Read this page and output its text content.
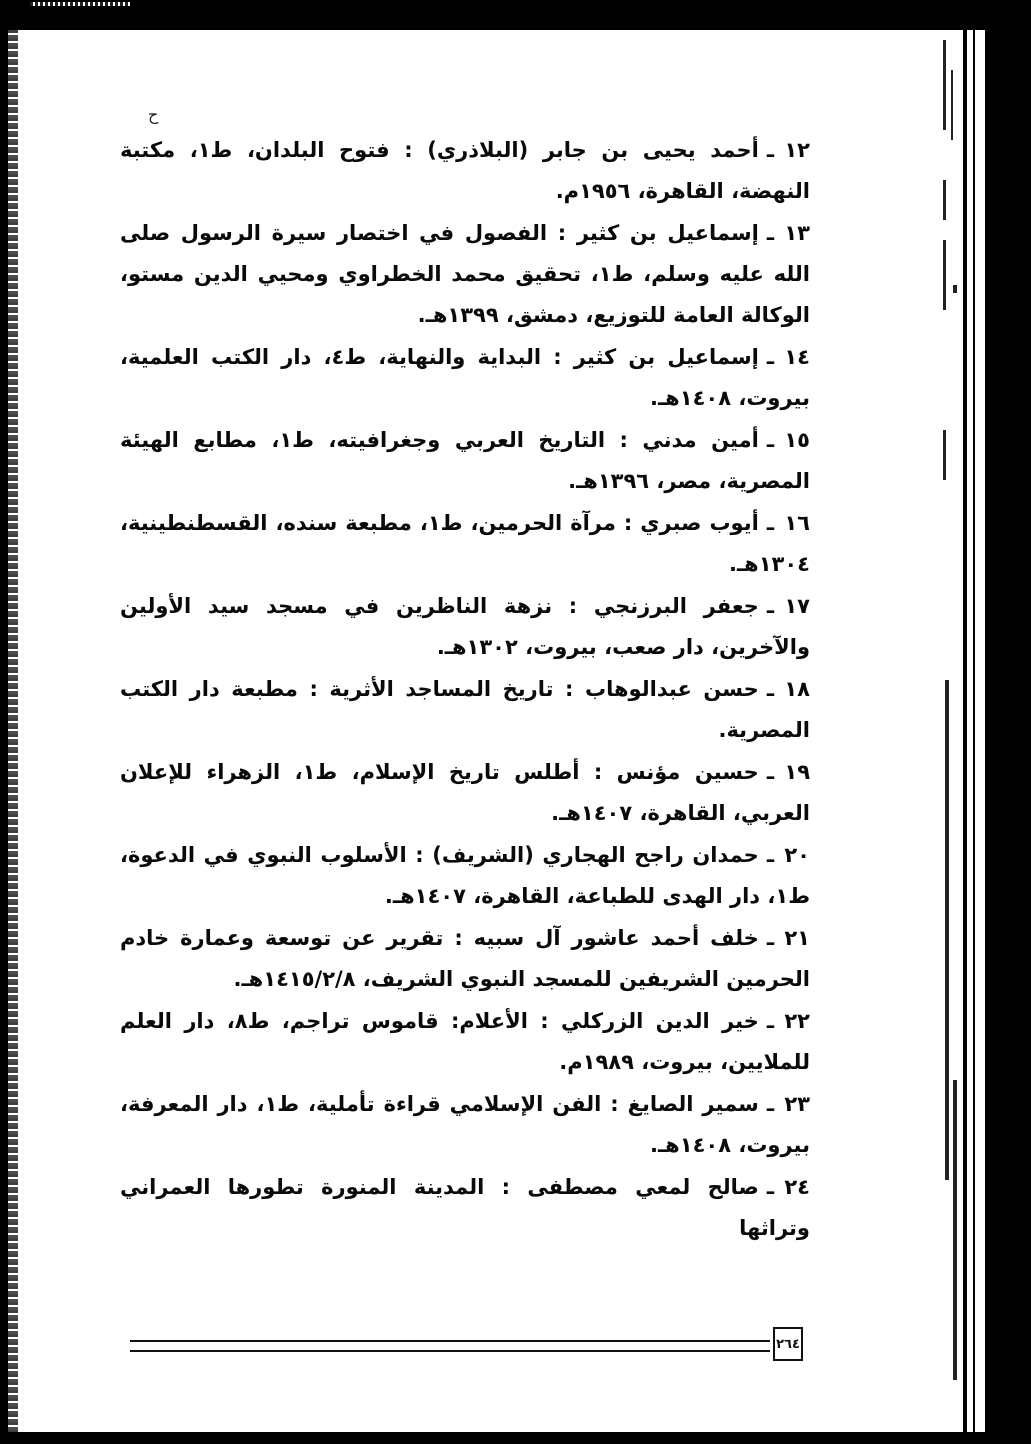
ح

١٢ـأحمد يحيى بن جابر (البلاذري) : فتوح البلدان، ط١، مكتبة النهضة، القاهرة، ١٩٥٦م.

١٣ـإسماعيل بن كثير : الفصول في اختصار سيرة الرسول صلى الله عليه وسلم، ط١، تحقيق محمد الخطراوي ومحيي الدين مستو، الوكالة العامة للتوزيع، دمشق، ١٣٩٩هـ.

١٤ـإسماعيل بن كثير : البداية والنهاية، ط٤، دار الكتب العلمية، بيروت، ١٤٠٨هـ.

١٥ـأمين مدني : التاريخ العربي وجغرافيته، ط١، مطابع الهيئة المصرية، مصر، ١٣٩٦هـ.

١٦ـأيوب صبري : مرآة الحرمين، ط١، مطبعة سنده، القسطنطينية، ١٣٠٤هـ.

١٧ـجعفر البرزنجي : نزهة الناظرين في مسجد سيد الأولين والآخرين، دار صعب، بيروت، ١٣٠٢هـ.

١٨ـحسن عبدالوهاب : تاريخ المساجد الأثرية : مطبعة دار الكتب المصرية.

١٩ـحسين مؤنس : أطلس تاريخ الإسلام، ط١، الزهراء للإعلان العربي، القاهرة، ١٤٠٧هـ.

٢٠ـحمدان راجح الهجاري (الشريف) : الأسلوب النبوي في الدعوة، ط١، دار الهدى للطباعة، القاهرة، ١٤٠٧هـ.

٢١ـخلف أحمد عاشور آل سبيه : تقرير عن توسعة وعمارة خادم الحرمين الشريفين للمسجد النبوي الشريف، ١٤١٥/٢/٨هـ.

٢٢ـخير الدين الزركلي : الأعلام: قاموس تراجم، ط٨، دار العلم للملايين، بيروت، ١٩٨٩م.

٢٣ـسمير الصايغ : الفن الإسلامي قراءة تأملية، ط١، دار المعرفة، بيروت، ١٤٠٨هـ.

٢٤ـصالح لمعي مصطفى : المدينة المنورة تطورها العمراني وتراثها

٢٦٤
